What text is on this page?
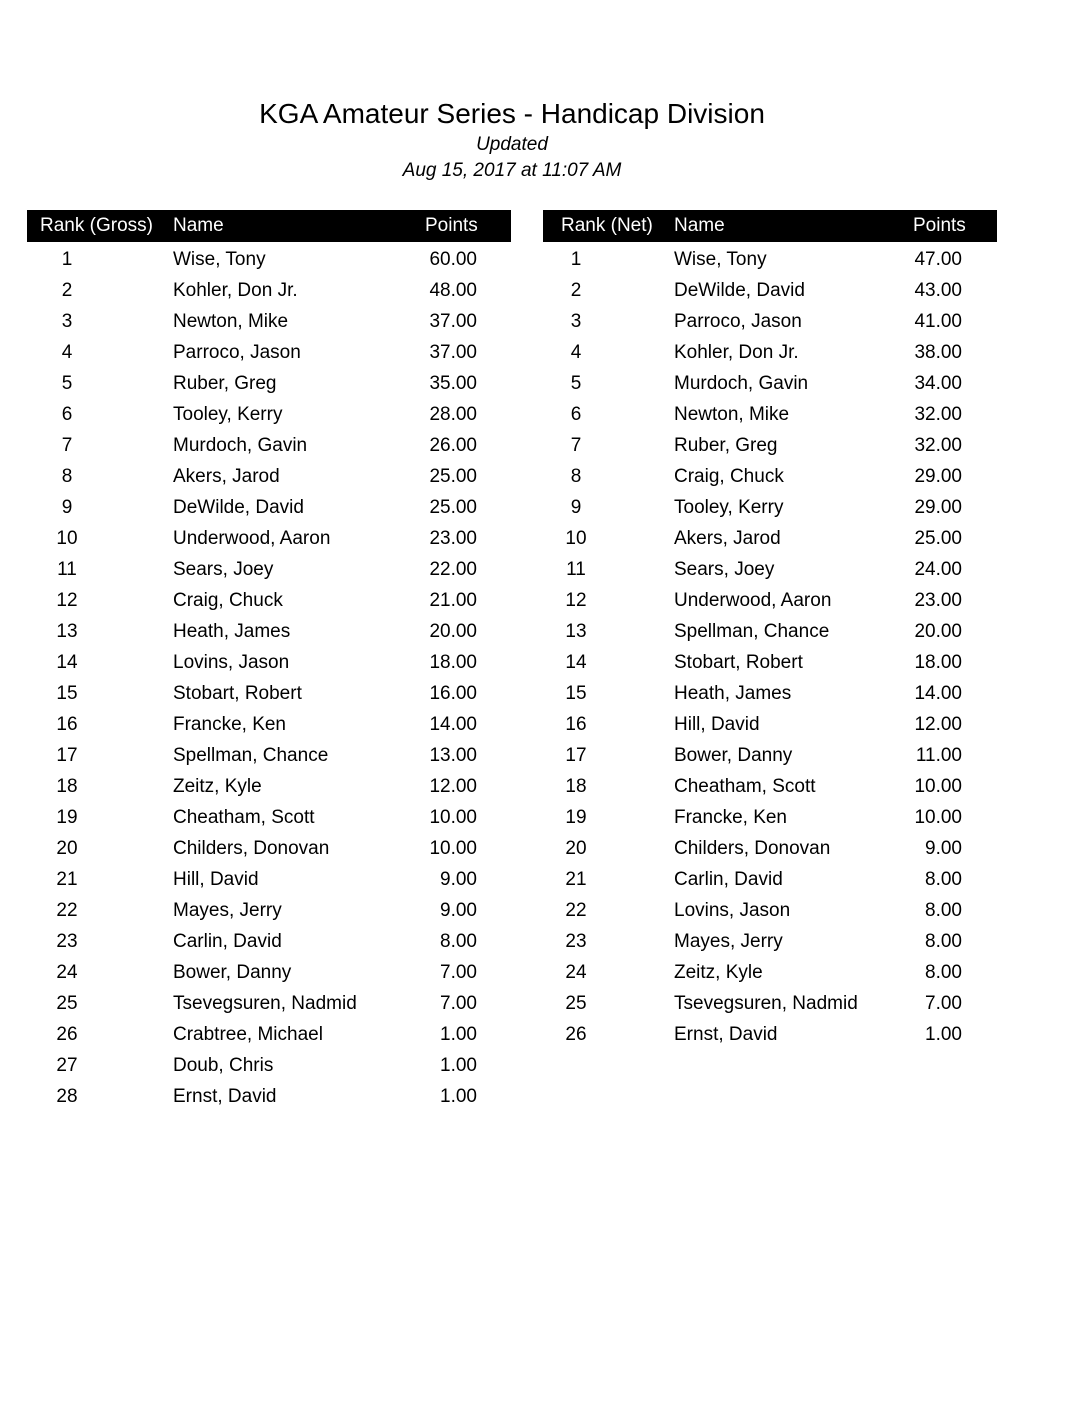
KGA Amateur Series - Handicap Division
Updated
Aug 15, 2017 at 11:07 AM
Rank (Gross) Name	Points
1	Wise, Tony	60.00
2	Kohler, Don Jr.	48.00
3	Newton, Mike	37.00
4	Parroco, Jason	37.00
5	Ruber, Greg	35.00
6	Tooley, Kerry	28.00
7	Murdoch, Gavin	26.00
8	Akers, Jarod	25.00
9	DeWilde, David	25.00
10	Underwood, Aaron	23.00
11	Sears, Joey	22.00
12	Craig, Chuck	21.00
13	Heath, James	20.00
14	Lovins, Jason	18.00
15	Stobart, Robert	16.00
16	Francke, Ken	14.00
17	Spellman, Chance	13.00
18	Zeitz, Kyle	12.00
19	Cheatham, Scott	10.00
20	Childers, Donovan	10.00
21	Hill, David	9.00
22	Mayes, Jerry	9.00
23	Carlin, David	8.00
24	Bower, Danny	7.00
25	Tsevegsuren, Nadmid	7.00
26	Crabtree, Michael	1.00
27	Doub, Chris	1.00
28	Ernst, David	1.00
Rank (Net) Name	Points
1	Wise, Tony	47.00
2	DeWilde, David	43.00
3	Parroco, Jason	41.00
4	Kohler, Don Jr.	38.00
5	Murdoch, Gavin	34.00
6	Newton, Mike	32.00
7	Ruber, Greg	32.00
8	Craig, Chuck	29.00
9	Tooley, Kerry	29.00
10	Akers, Jarod	25.00
11	Sears, Joey	24.00
12	Underwood, Aaron	23.00
13	Spellman, Chance	20.00
14	Stobart, Robert	18.00
15	Heath, James	14.00
16	Hill, David	12.00
17	Bower, Danny	11.00
18	Cheatham, Scott	10.00
19	Francke, Ken	10.00
20	Childers, Donovan	9.00
21	Carlin, David	8.00
22	Lovins, Jason	8.00
23	Mayes, Jerry	8.00
24	Zeitz, Kyle	8.00
25	Tsevegsuren, Nadmid	7.00
26	Ernst, David	1.00
